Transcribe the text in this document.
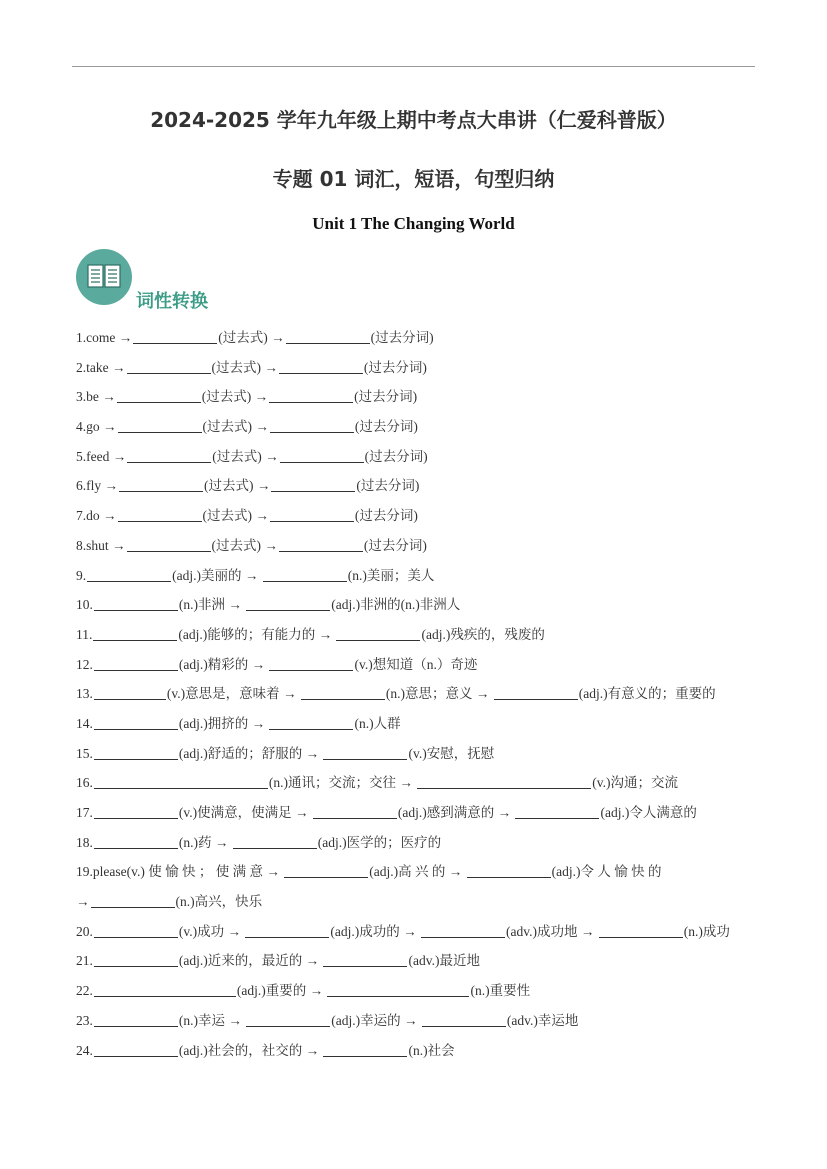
2024-2025 学年九年级上期中考点大串讲（仁爱科普版）
专题 01 词汇，短语，句型归纳
Unit 1 The Changing World
词性转换
1.come →	(过去式) →	(过去分词)
2.take →	(过去式) →	(过去分词)
3.be →	(过去式) →	(过去分词)
4.go →	(过去式) →	(过去分词)
5.feed →	(过去式) →	(过去分词)
6.fly →	(过去式) →	(过去分词)
7.do →	(过去式) →	(过去分词)
8.shut →	(过去式) →	(过去分词)
9.	(adj.)美丽的 →	(n.)美丽；美人
10.	(n.)非洲 →	(adj.)非洲的(n.)非洲人
11.	(adj.)能够的；有能力的 →	(adj.)残疾的，残废的
12.	(adj.)精彩的 →	(v.)想知道（n.）奇迹
13.	(v.)意思是，意味着 →	(n.)意思；意义 →	(adj.)有意义的；重要的
14.	(adj.)拥挤的 →	(n.)人群
15.	(adj.)舒适的；舒服的 →	(v.)安慰，抚慰
16.	(n.)通讯；交流；交往 →	(v.)沟通；交流
17.	(v.)使满意，使满足 →	(adj.)感到满意的 →	(adj.)令人满意的
18.	(n.)药 →	(adj.)医学的；医疗的
19.please(v.) 使 愉 快 ； 使 满 意 →	(adj.)高 兴 的 →	(adj.)令 人 愉 快 的
→	(n.)高兴，快乐
20.	(v.)成功 →	(adj.)成功的 →	(adv.)成功地 →	(n.)成功
21.	(adj.)近来的，最近的 →	(adv.)最近地
22.	(adj.)重要的 →	(n.)重要性
23.	(n.)幸运 →	(adj.)幸运的 →	(adv.)幸运地
24.	(adj.)社会的，社交的 →	(n.)社会
